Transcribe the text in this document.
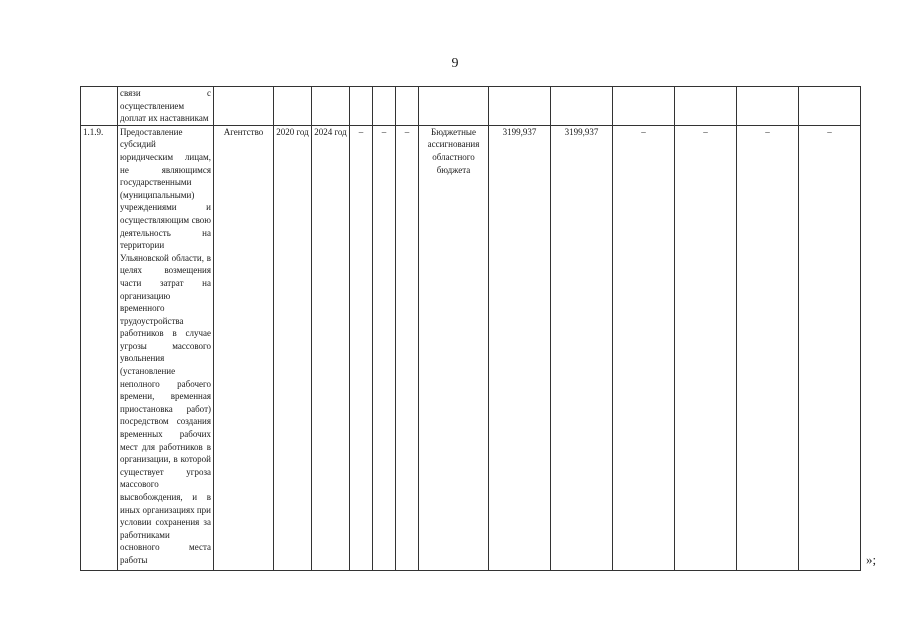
9
	связи с осуществлением доплат их наставникам													
1.1.9.	Предоставление субсидий юридическим лицам, не являющимся государственными (муниципальными) учреждениями и осуществляющим свою деятельность на территории Ульяновской области, в целях возмещения части затрат на организацию временного трудоустройства работников в случае угрозы массового увольнения (установление неполного рабочего времени, временная приостановка работ) посредством создания временных рабочих мест для работников в организации, в которой существует угроза массового высвобождения, и в иных организациях при условии сохранения за работниками основного места работы	Агентство	2020 год	2024 год	–	–	–	Бюджетные ассигнования областного бюджета	3199,937	3199,937	–	–	–	–
»;
